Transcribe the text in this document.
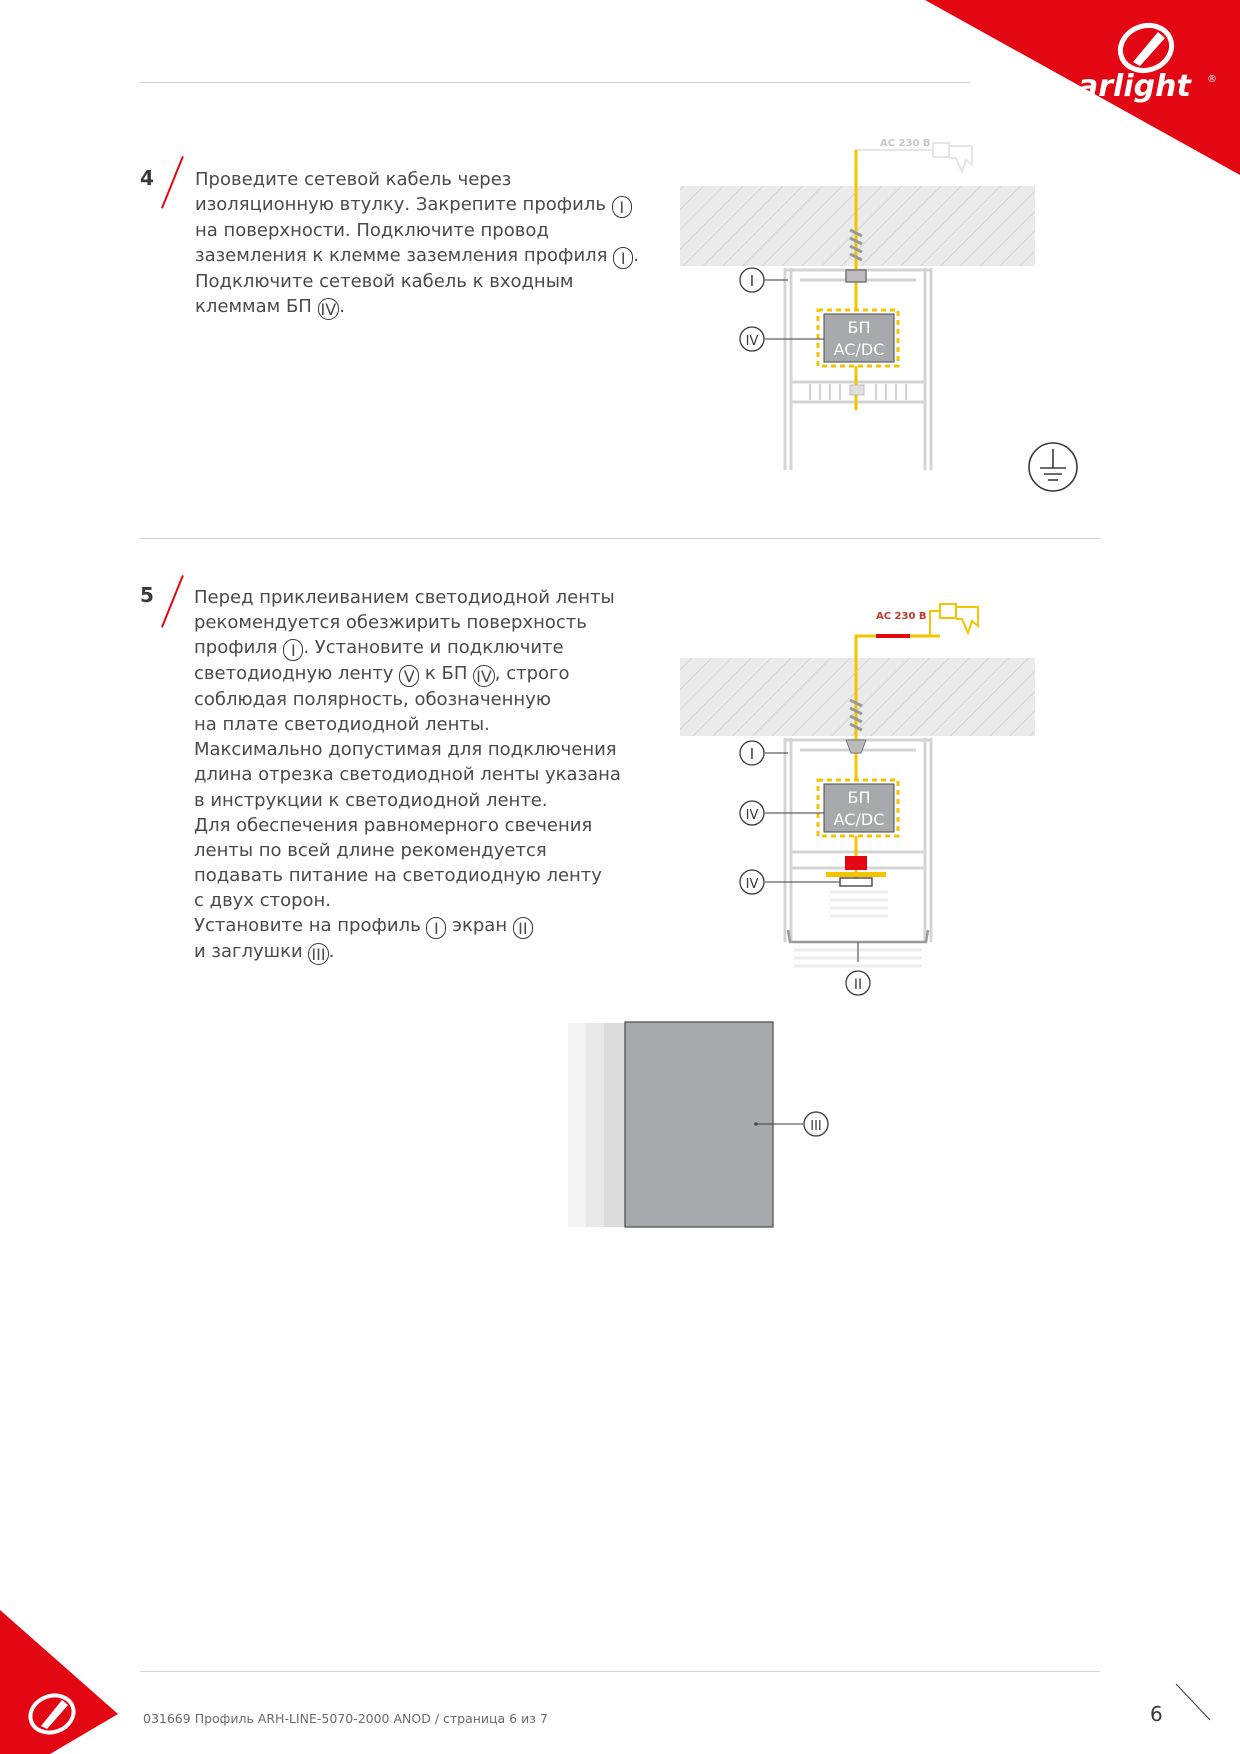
arlight ®
4 Проведите сетевой кабель через
изоляционную втулку. Закрепите профиль I
на поверхности. Подключите провод
заземления к клемме заземления профиля I .
Подключите сетевой кабель к входным
клеммам БП IV .
AC 230 В
БП
AC/DC
I
IV
5 Перед приклеиванием светодиодной ленты
рекомендуется обезжирить поверхность
профиля I . Установите и подключите
светодиодную ленту V к БП IV , строго
соблюдая полярность, обозначенную
на плате светодиодной ленты.
Максимально допустимая для подключения
длина отрезка светодиодной ленты указана
в инструкции к светодиодной ленте.
Для обеспечения равномерного свечения
ленты по всей длине рекомендуется
подавать питание на светодиодную ленту
с двух сторон.
Установите на профиль I экран II
и заглушки III .
AC 230 В
БП
AC/DC
I
IV
IV
II
III
031669 Профиль ARH-LINE-5070-2000 ANOD / страница 6 из 7	6
